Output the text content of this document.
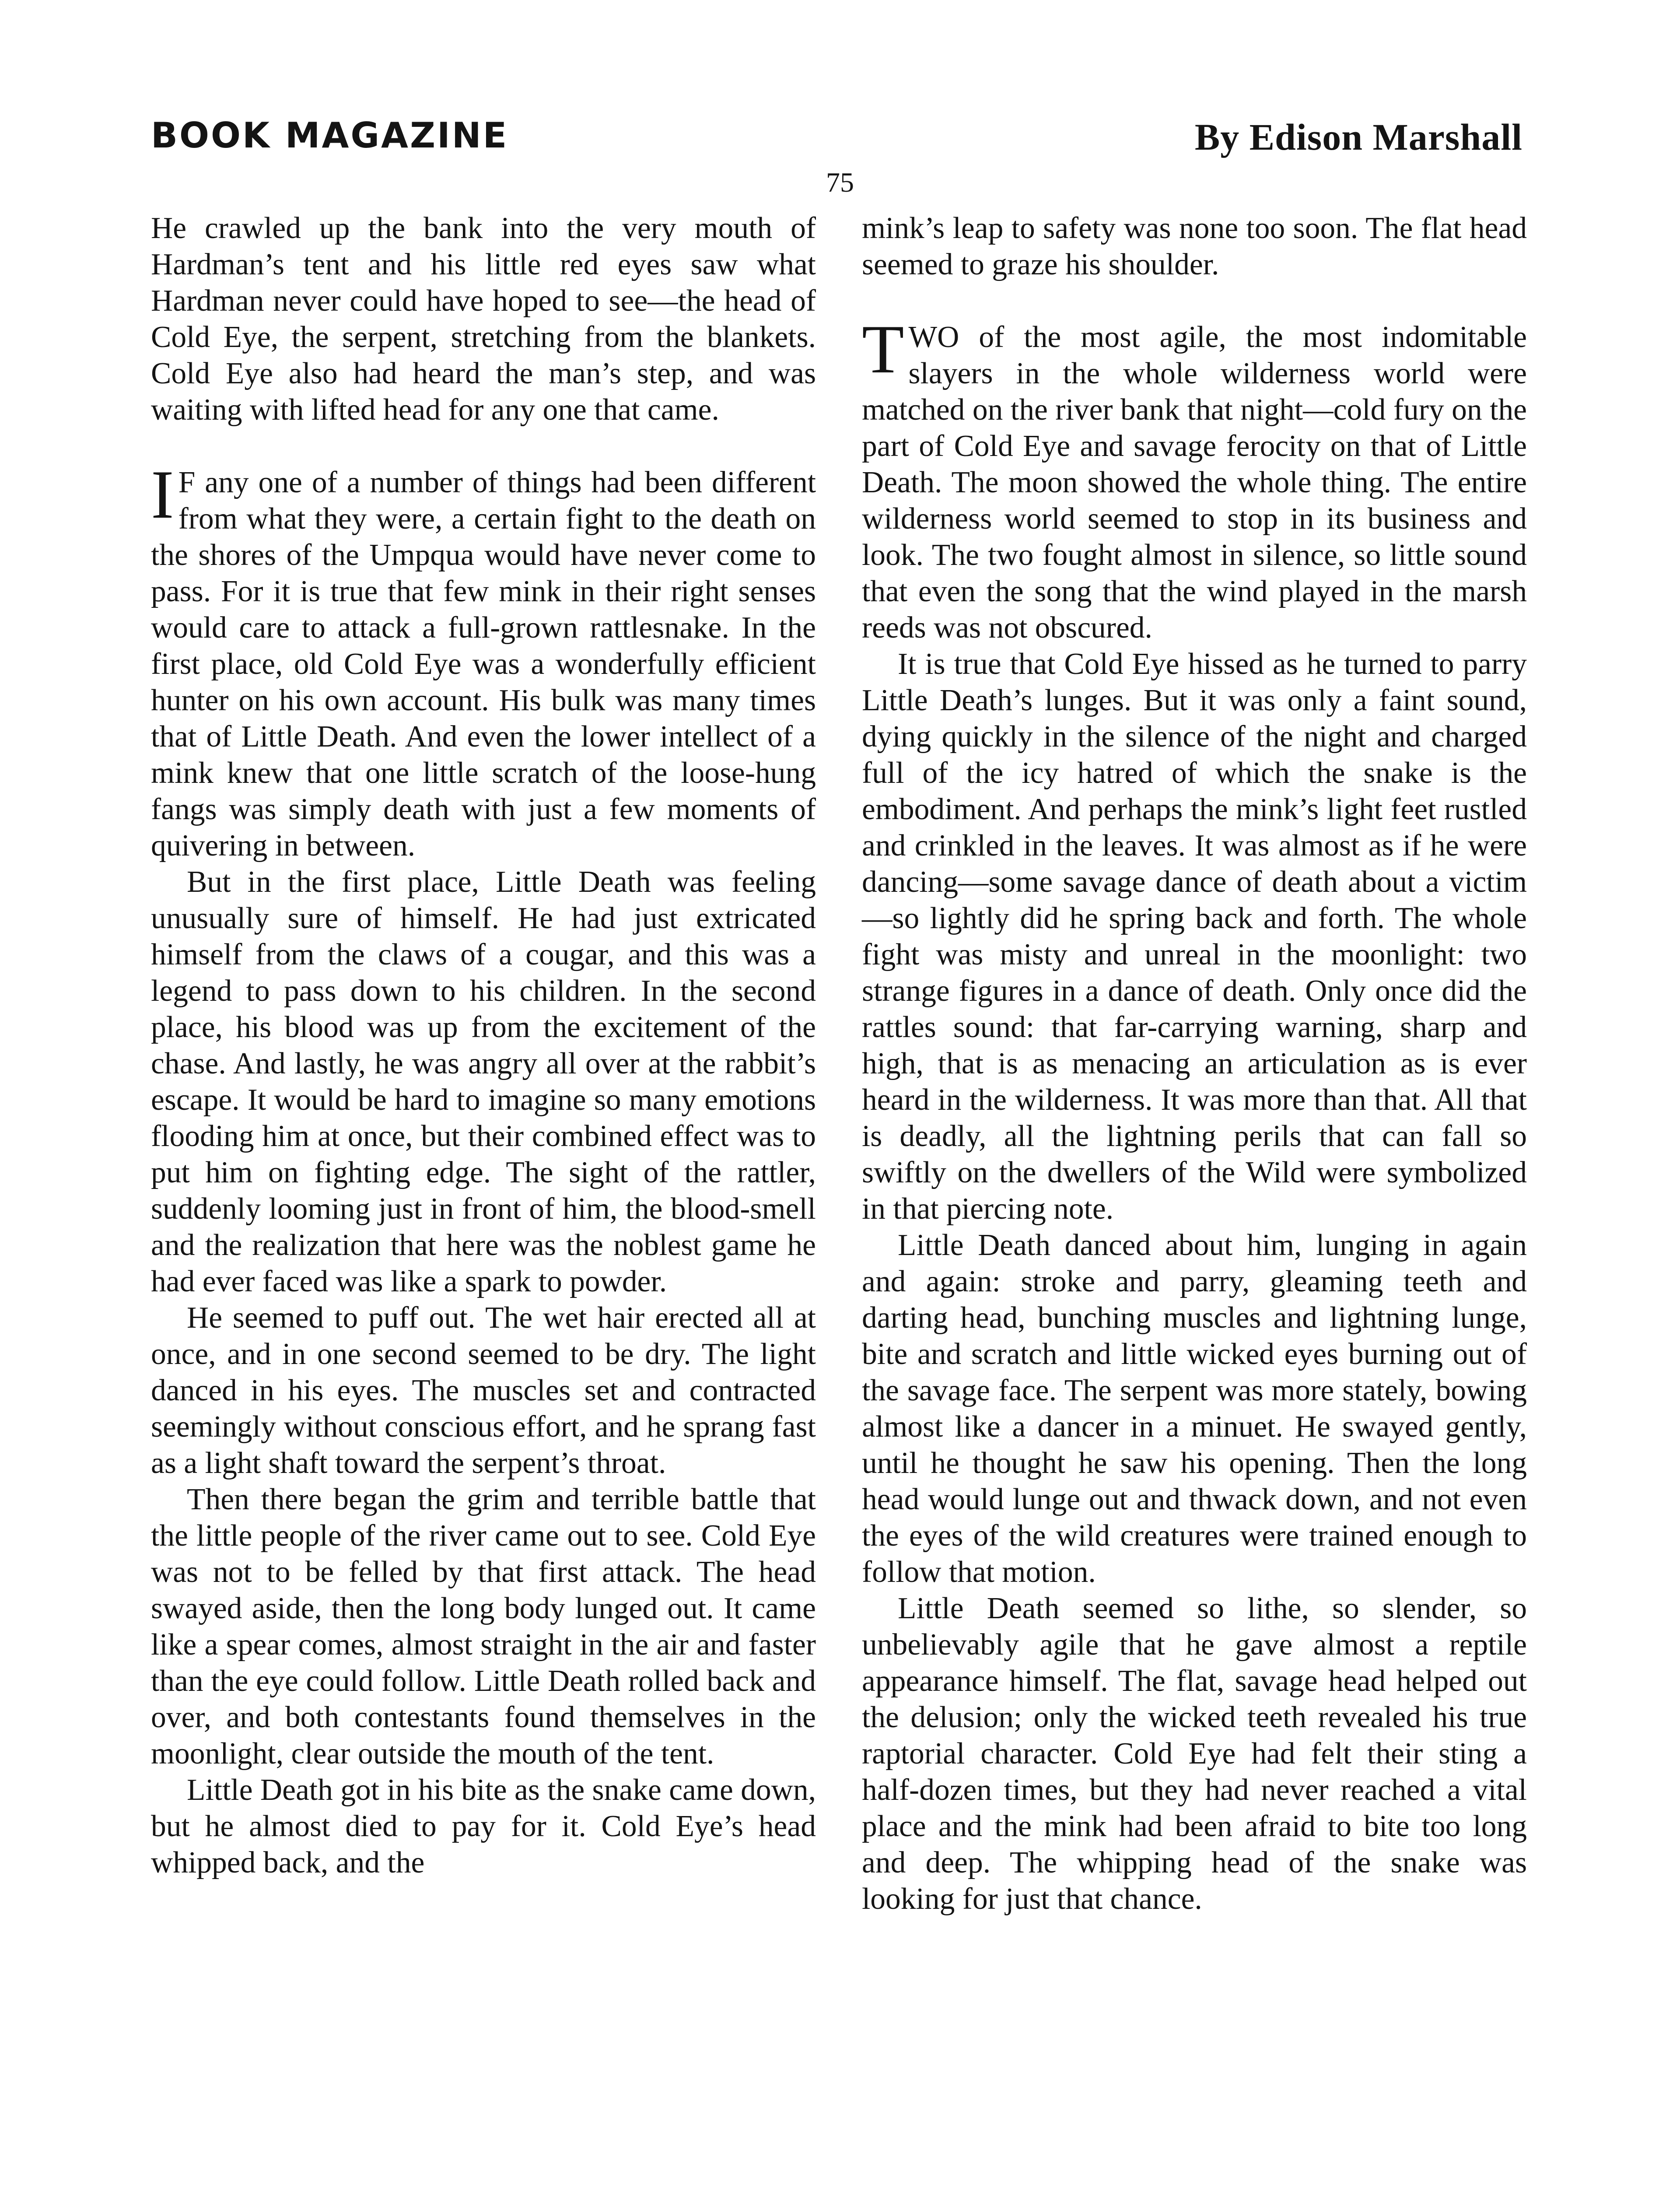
BOOK MAGAZINE	By Edison Marshall
75

He crawled up the bank into the very mouth of Hardman’s tent and his little red eyes saw what Hardman never could have hoped to see—the head of Cold Eye, the serpent, stretching from the blankets. Cold Eye also had heard the man’s step, and was waiting with lifted head for any one that came.

I F any one of a number of things had been different from what they were, a certain fight to the death on the shores of the Umpqua would have never come to pass. For it is true that few mink in their right senses would care to attack a full-grown rattlesnake. In the first place, old Cold Eye was a wonderfully efficient hunter on his own account. His bulk was many times that of Little Death. And even the lower intellect of a mink knew that one little scratch of the loose-hung fangs was simply death with just a few moments of quivering in between.

But in the first place, Little Death was feeling unusually sure of himself. He had just extricated himself from the claws of a cougar, and this was a legend to pass down to his children. In the second place, his blood was up from the excitement of the chase. And lastly, he was angry all over at the rabbit’s escape. It would be hard to imagine so many emotions flooding him at once, but their combined effect was to put him on fighting edge. The sight of the rattler, suddenly looming just in front of him, the blood-smell and the realization that here was the noblest game he had ever faced was like a spark to powder.

He seemed to puff out. The wet hair erected all at once, and in one second seemed to be dry. The light danced in his eyes. The muscles set and contracted seemingly without conscious effort, and he sprang fast as a light shaft toward the serpent’s throat.

Then there began the grim and terrible battle that the little people of the river came out to see. Cold Eye was not to be felled by that first attack. The head swayed aside, then the long body lunged out. It came like a spear comes, almost straight in the air and faster than the eye could follow. Little Death rolled back and over, and both contestants found themselves in the moonlight, clear outside the mouth of the tent.

Little Death got in his bite as the snake came down, but he almost died to pay for it. Cold Eye’s head whipped back, and the

mink’s leap to safety was none too soon. The flat head seemed to graze his shoulder.

TWO of the most agile, the most indomitable slayers in the whole wilderness world were matched on the river bank that night—cold fury on the part of Cold Eye and savage ferocity on that of Little Death. The moon showed the whole thing. The entire wilderness world seemed to stop in its business and look. The two fought almost in silence, so little sound that even the song that the wind played in the marsh reeds was not obscured.

It is true that Cold Eye hissed as he turned to parry Little Death’s lunges. But it was only a faint sound, dying quickly in the silence of the night and charged full of the icy hatred of which the snake is the embodiment. And perhaps the mink’s light feet rustled and crinkled in the leaves. It was almost as if he were dancing—some savage dance of death about a victim—so lightly did he spring back and forth. The whole fight was misty and unreal in the moonlight: two strange figures in a dance of death. Only once did the rattles sound: that far-carrying warning, sharp and high, that is as menacing an articulation as is ever heard in the wilderness. It was more than that. All that is deadly, all the lightning perils that can fall so swiftly on the dwellers of the Wild were symbolized in that piercing note.

Little Death danced about him, lunging in again and again: stroke and parry, gleaming teeth and darting head, bunching muscles and lightning lunge, bite and scratch and little wicked eyes burning out of the savage face. The serpent was more stately, bowing almost like a dancer in a minuet. He swayed gently, until he thought he saw his opening. Then the long head would lunge out and thwack down, and not even the eyes of the wild creatures were trained enough to follow that motion.

Little Death seemed so lithe, so slender, so unbelievably agile that he gave almost a reptile appearance himself. The flat, savage head helped out the delusion; only the wicked teeth revealed his true raptorial character. Cold Eye had felt their sting a half-dozen times, but they had never reached a vital place and the mink had been afraid to bite too long and deep. The whipping head of the snake was looking for just that chance.
